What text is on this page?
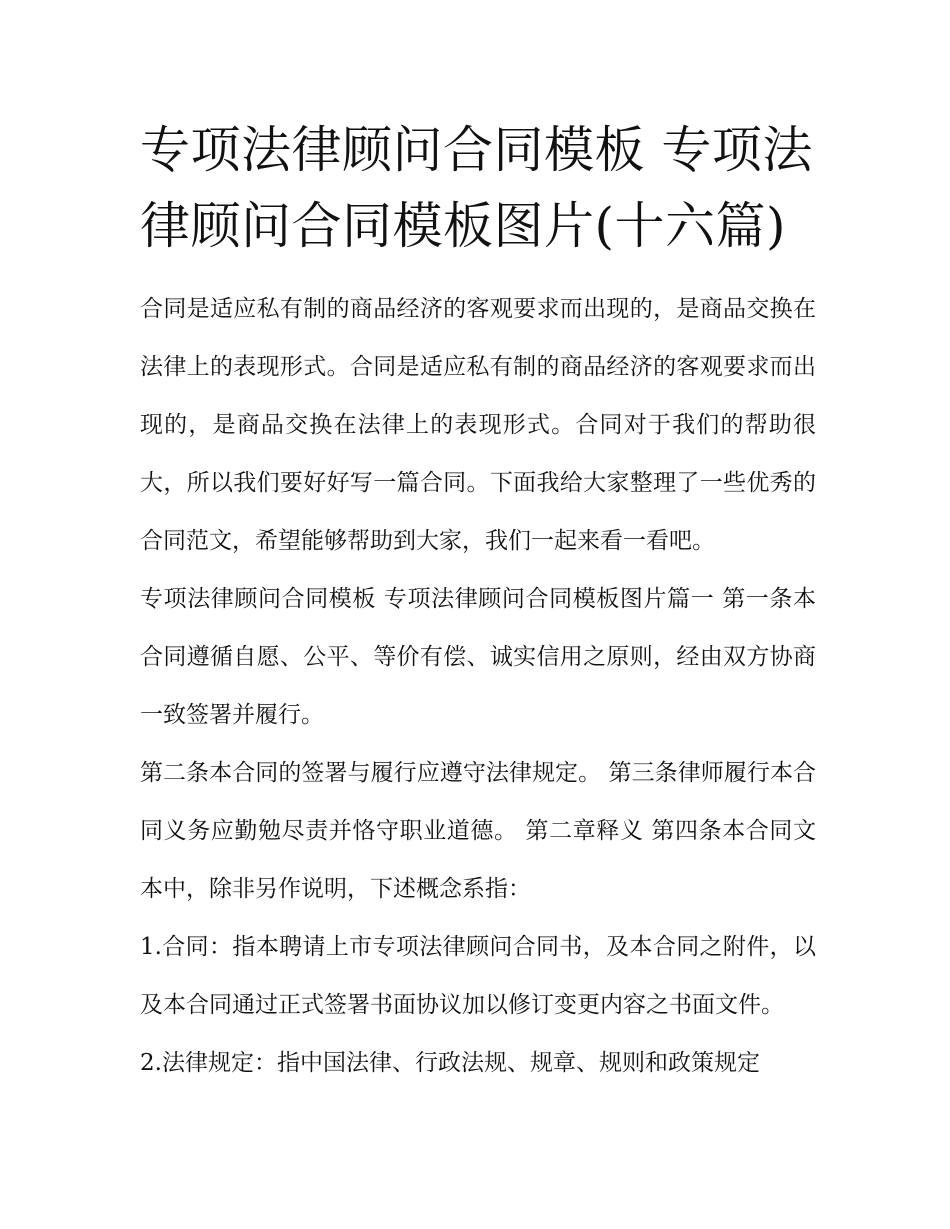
专项法律顾问合同模板 专项法律顾问合同模板图片(十六篇)

合同是适应私有制的商品经济的客观要求而出现的，是商品交换在法律上的表现形式。合同是适应私有制的商品经济的客观要求而出现的，是商品交换在法律上的表现形式。合同对于我们的帮助很大，所以我们要好好写一篇合同。下面我给大家整理了一些优秀的合同范文，希望能够帮助到大家，我们一起来看一看吧。

专项法律顾问合同模板 专项法律顾问合同模板图片篇一 第一条本合同遵循自愿、公平、等价有偿、诚实信用之原则，经由双方协商一致签署并履行。

第二条本合同的签署与履行应遵守法律规定。 第三条律师履行本合同义务应勤勉尽责并恪守职业道德。 第二章释义 第四条本合同文本中，除非另作说明，下述概念系指：

1.合同：指本聘请上市专项法律顾问合同书，及本合同之附件，以及本合同通过正式签署书面协议加以修订变更内容之书面文件。

2.法律规定：指中国法律、行政法规、规章、规则和政策规定
